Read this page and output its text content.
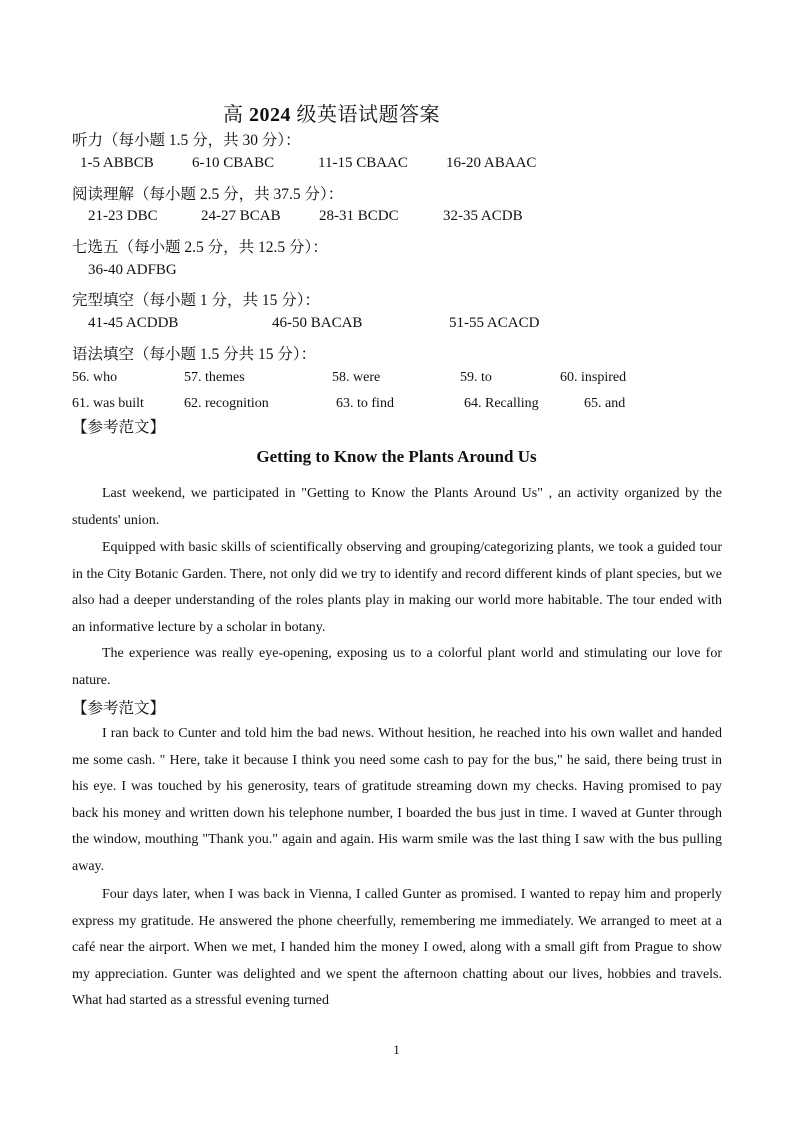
高 2024 级英语试题答案
听力（每小题 1.5 分，共 30 分）：
1-5 ABBCB	6-10 CBABC	11-15 CBAAC	16-20 ABAAC
阅读理解（每小题 2.5 分，共 37.5 分）：
21-23 DBC	24-27 BCAB	28-31 BCDC	32-35 ACDB
七选五（每小题 2.5 分，共 12.5 分）：
36-40 ADFBG
完型填空（每小题 1 分，共 15 分）：
41-45 ACDDB	46-50 BACAB	51-55 ACACD
语法填空（每小题 1.5 分共 15 分）：
56. who	57. themes	58. were	59. to	60. inspired
61. was built	62. recognition	63. to find	64. Recalling	65. and
【参考范文】
Getting to Know the Plants Around Us
Last weekend, we participated in "Getting to Know the Plants Around Us" , an activity organized by the students' union.
Equipped with basic skills of scientifically observing and grouping/categorizing plants, we took a guided tour in the City Botanic Garden. There, not only did we try to identify and record different kinds of plant species, but we also had a deeper understanding of the roles plants play in making our world more habitable. The tour ended with an informative lecture by a scholar in botany.
The experience was really eye-opening, exposing us to a colorful plant world and stimulating our love for nature.
【参考范文】
I ran back to Cunter and told him the bad news. Without hesition, he reached into his own wallet and handed me some cash. " Here, take it because I think you need some cash to pay for the bus," he said, there being trust in his eye. I was touched by his generosity, tears of gratitude streaming down my checks. Having promised to pay back his money and written down his telephone number, I boarded the bus just in time. I waved at Gunter through the window, mouthing "Thank you." again and again. His warm smile was the last thing I saw with the bus pulling away.
Four days later, when I was back in Vienna, I called Gunter as promised. I wanted to repay him and properly express my gratitude. He answered the phone cheerfully, remembering me immediately. We arranged to meet at a café near the airport. When we met, I handed him the money I owed, along with a small gift from Prague to show my appreciation. Gunter was delighted and we spent the afternoon chatting about our lives, hobbies and travels. What had started as a stressful evening turned
1
